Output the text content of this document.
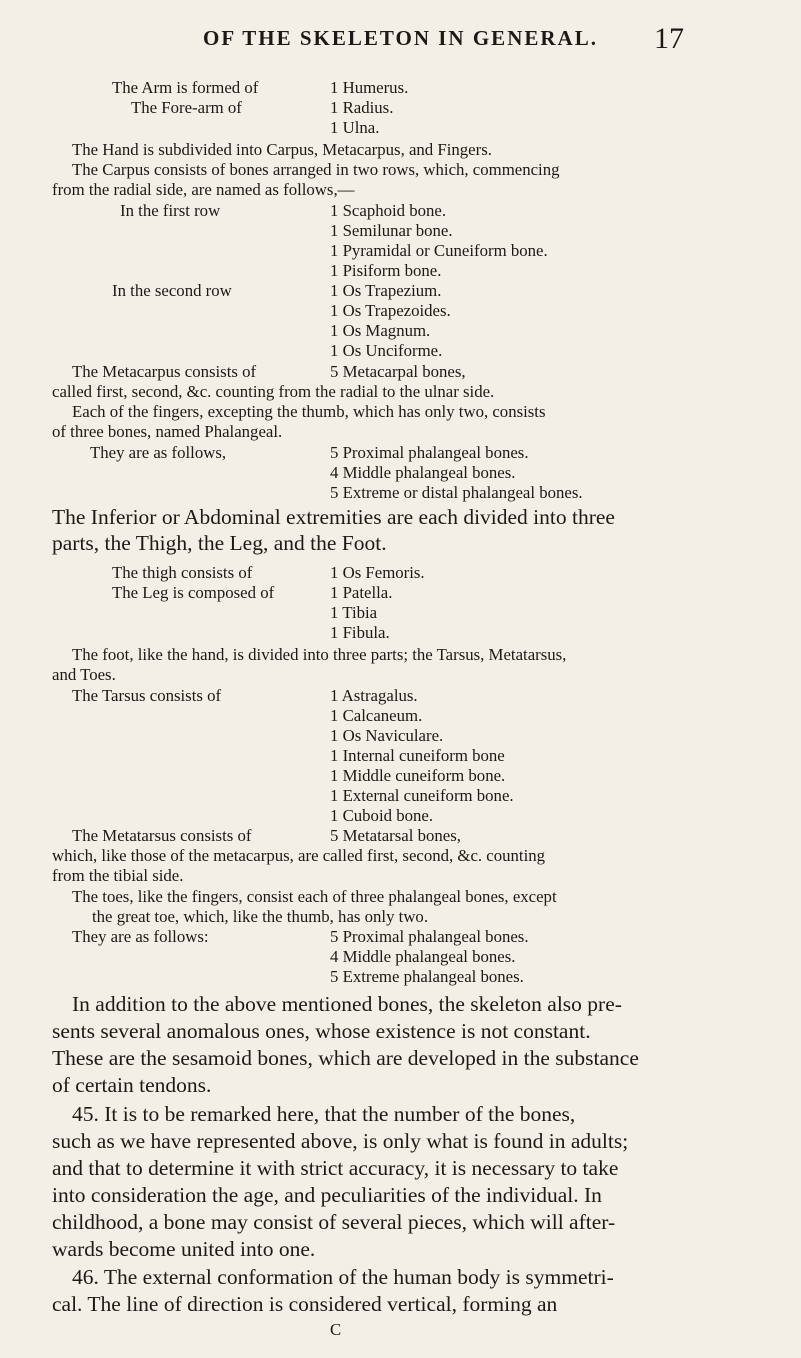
OF THE SKELETON IN GENERAL. 17
The Arm is formed of	1 Humerus.
The Fore-arm of	1 Radius.
1 Ulna.
The Hand is subdivided into Carpus, Metacarpus, and Fingers.
The Carpus consists of bones arranged in two rows, which, commencing
from the radial side, are named as follows,—
In the first row	1 Scaphoid bone.
1 Semilunar bone.
1 Pyramidal or Cuneiform bone.
1 Pisiform bone.
In the second row	1 Os Trapezium.
1 Os Trapezoides.
1 Os Magnum.
1 Os Unciforme.
The Metacarpus consists of	5 Metacarpal bones,
called first, second, &c. counting from the radial to the ulnar side.
Each of the fingers, excepting the thumb, which has only two, consists
of three bones, named Phalangeal.
They are as follows,	5 Proximal phalangeal bones.
4 Middle phalangeal bones.
5 Extreme or distal phalangeal bones.
The Inferior or Abdominal extremities are each divided into three
parts, the Thigh, the Leg, and the Foot.
The thigh consists of	1 Os Femoris.
The Leg is composed of	1 Patella.
1 Tibia
1 Fibula.
The foot, like the hand, is divided into three parts; the Tarsus, Metatarsus,
and Toes.
The Tarsus consists of	1 Astragalus.
1 Calcaneum.
1 Os Naviculare.
1 Internal cuneiform bone
1 Middle cuneiform bone.
1 External cuneiform bone.
1 Cuboid bone.
The Metatarsus consists of	5 Metatarsal bones,
which, like those of the metacarpus, are called first, second, &c. counting
from the tibial side.
The toes, like the fingers, consist each of three phalangeal bones, except
the great toe, which, like the thumb, has only two.
They are as follows:	5 Proximal phalangeal bones.
4 Middle phalangeal bones.
5 Extreme phalangeal bones.
In addition to the above mentioned bones, the skeleton also pre-
sents several anomalous ones, whose existence is not constant.
These are the sesamoid bones, which are developed in the substance
of certain tendons.
45. It is to be remarked here, that the number of the bones,
such as we have represented above, is only what is found in adults;
and that to determine it with strict accuracy, it is necessary to take
into consideration the age, and peculiarities of the individual. In
childhood, a bone may consist of several pieces, which will after-
wards become united into one.
46. The external conformation of the human body is symmetri-
cal. The line of direction is considered vertical, forming an
C
